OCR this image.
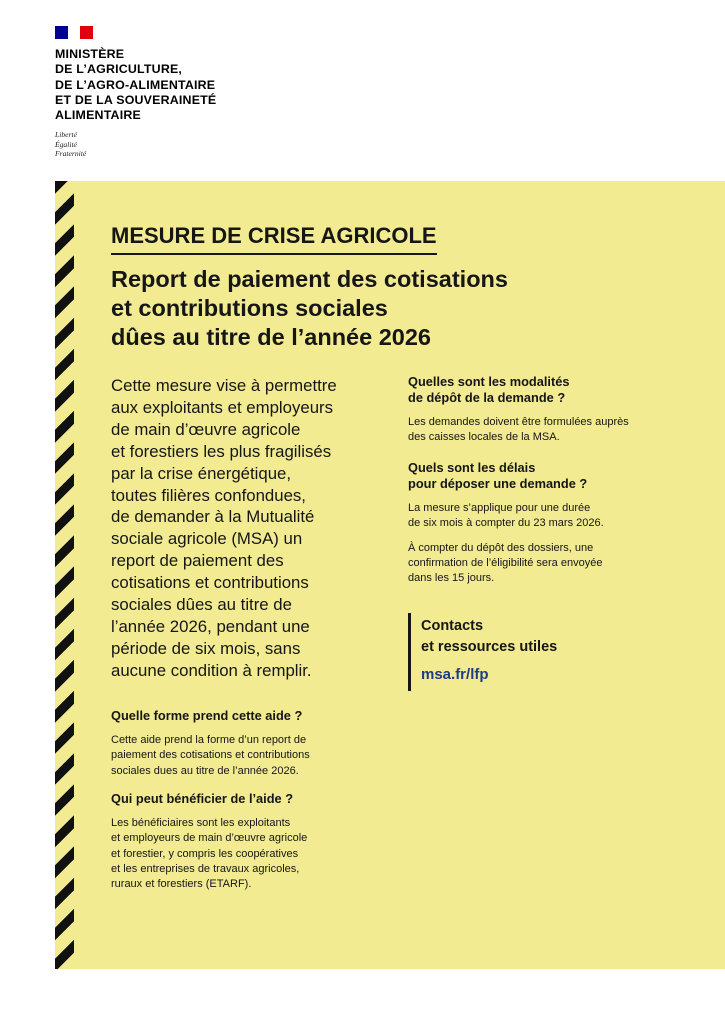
MINISTÈRE
DE L’AGRICULTURE,
DE L’AGRO-ALIMENTAIRE
ET DE LA SOUVERAINETÉ
ALIMENTAIRE
Liberté
Égalité
Fraternité
MESURE DE CRISE AGRICOLE
Report de paiement des cotisations
et contributions sociales
dûes au titre de l’année 2026
Cette mesure vise à permettre
aux exploitants et employeurs
de main d’œuvre agricole
et forestiers les plus fragilisés
par la crise énergétique,
toutes filières confondues,
de demander à la Mutualité
sociale agricole (MSA) un
report de paiement des
cotisations et contributions
sociales dûes au titre de
l’année 2026, pendant une
période de six mois, sans
aucune condition à remplir.
Quelle forme prend cette aide ?

Cette aide prend la forme d’un report de
paiement des cotisations et contributions
sociales dues au titre de l’année 2026.

Qui peut bénéficier de l’aide ?

Les bénéficiaires sont les exploitants
et employeurs de main d’œuvre agricole
et forestier, y compris les coopératives
et les entreprises de travaux agricoles,
ruraux et forestiers (ETARF).

Quelles sont les modalités
de dépôt de la demande ?

Les demandes doivent être formulées auprès
des caisses locales de la MSA.

Quels sont les délais
pour déposer une demande ?

La mesure s’applique pour une durée
de six mois à compter du 23 mars 2026.

À compter du dépôt des dossiers, une
confirmation de l’éligibilité sera envoyée
dans les 15 jours.

Contacts
et ressources utiles
msa.fr/lfp
